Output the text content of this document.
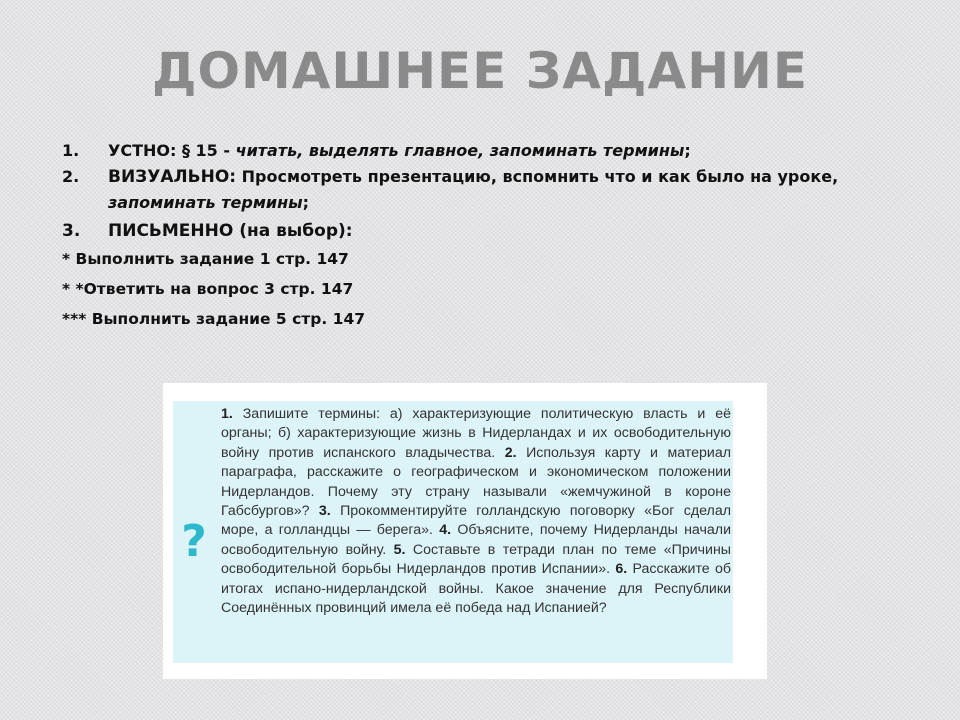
ДОМАШНЕЕ ЗАДАНИЕ
1. УСТНО: § 15 - читать, выделять главное, запоминать термины;
2. ВИЗУАЛЬНО: Просмотреть презентацию, вспомнить что и как было на уроке, запоминать термины;
3. ПИСЬМЕННО (на выбор):
* Выполнить задание 1 стр. 147
* *Ответить на вопрос 3 стр. 147
*** Выполнить задание 5 стр. 147
?
1. Запишите термины: а) характеризующие политическую власть и её органы; б) характеризующие жизнь в Нидерландах и их освободительную войну против испанского владычества. 2. Используя карту и материал параграфа, расскажите о географическом и экономическом положении Нидерландов. Почему эту страну называли «жемчужиной в короне Габсбургов»? 3. Прокомментируйте голландскую поговорку «Бог сделал море, а голландцы — берега». 4. Объясните, почему Нидерланды начали освободительную войну. 5. Составьте в тетради план по теме «Причины освободительной борьбы Нидерландов против Испании». 6. Расскажите об итогах испано-нидерландской войны. Какое значение для Республики Соединённых провинций имела её победа над Испанией?
